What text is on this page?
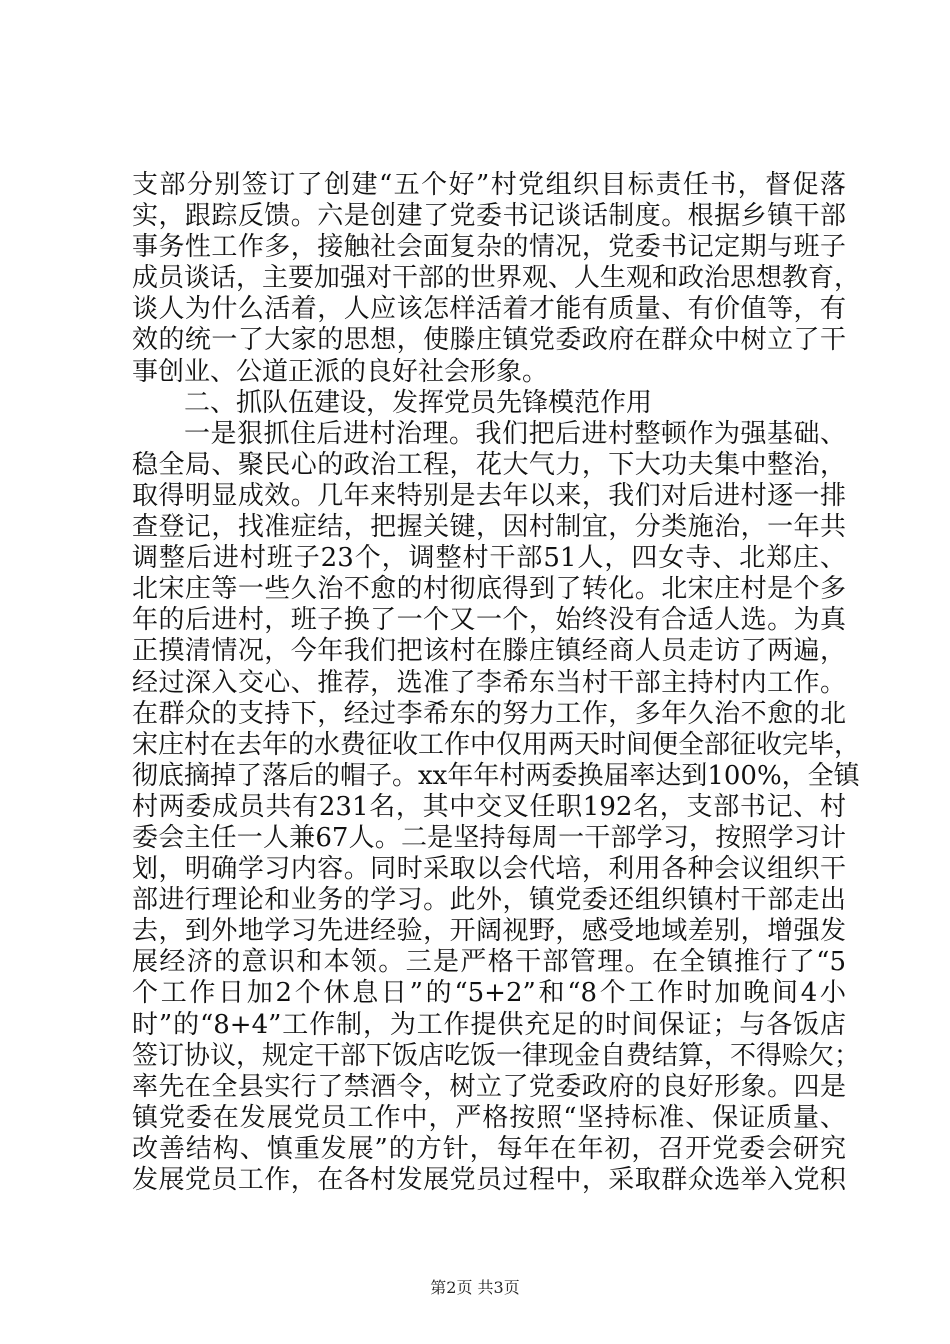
支部分别签订了创建“五个好”村党组织目标责任书，督促落
实，跟踪反馈。六是创建了党委书记谈话制度。根据乡镇干部
事务性工作多，接触社会面复杂的情况，党委书记定期与班子
成员谈话，主要加强对干部的世界观、人生观和政治思想教育，
谈人为什么活着，人应该怎样活着才能有质量、有价值等，有
效的统一了大家的思想，使滕庄镇党委政府在群众中树立了干
事创业、公道正派的良好社会形象。
二、抓队伍建设，发挥党员先锋模范作用
一是狠抓住后进村治理。我们把后进村整顿作为强基础、
稳全局、聚民心的政治工程，花大气力，下大功夫集中整治，
取得明显成效。几年来特别是去年以来，我们对后进村逐一排
查登记，找准症结，把握关键，因村制宜，分类施治，一年共
调整后进村班子23个，调整村干部51人，四女寺、北郑庄、
北宋庄等一些久治不愈的村彻底得到了转化。北宋庄村是个多
年的后进村，班子换了一个又一个，始终没有合适人选。为真
正摸清情况，今年我们把该村在滕庄镇经商人员走访了两遍，
经过深入交心、推荐，选准了李希东当村干部主持村内工作。
在群众的支持下，经过李希东的努力工作，多年久治不愈的北
宋庄村在去年的水费征收工作中仅用两天时间便全部征收完毕，
彻底摘掉了落后的帽子。xx年年村两委换届率达到100%，全镇
村两委成员共有231名，其中交叉任职192名，支部书记、村
委会主任一人兼67人。二是坚持每周一干部学习，按照学习计
划，明确学习内容。同时采取以会代培，利用各种会议组织干
部进行理论和业务的学习。此外，镇党委还组织镇村干部走出
去，到外地学习先进经验，开阔视野，感受地域差别，增强发
展经济的意识和本领。三是严格干部管理。在全镇推行了“5
个工作日加2个休息日”的“5+2”和“8个工作时加晚间4小
时”的“8+4”工作制，为工作提供充足的时间保证；与各饭店
签订协议，规定干部下饭店吃饭一律现金自费结算，不得赊欠；
率先在全县实行了禁酒令，树立了党委政府的良好形象。四是
镇党委在发展党员工作中，严格按照“坚持标准、保证质量、
改善结构、慎重发展”的方针，每年在年初，召开党委会研究
发展党员工作，在各村发展党员过程中，采取群众选举入党积
第2页 共3页
